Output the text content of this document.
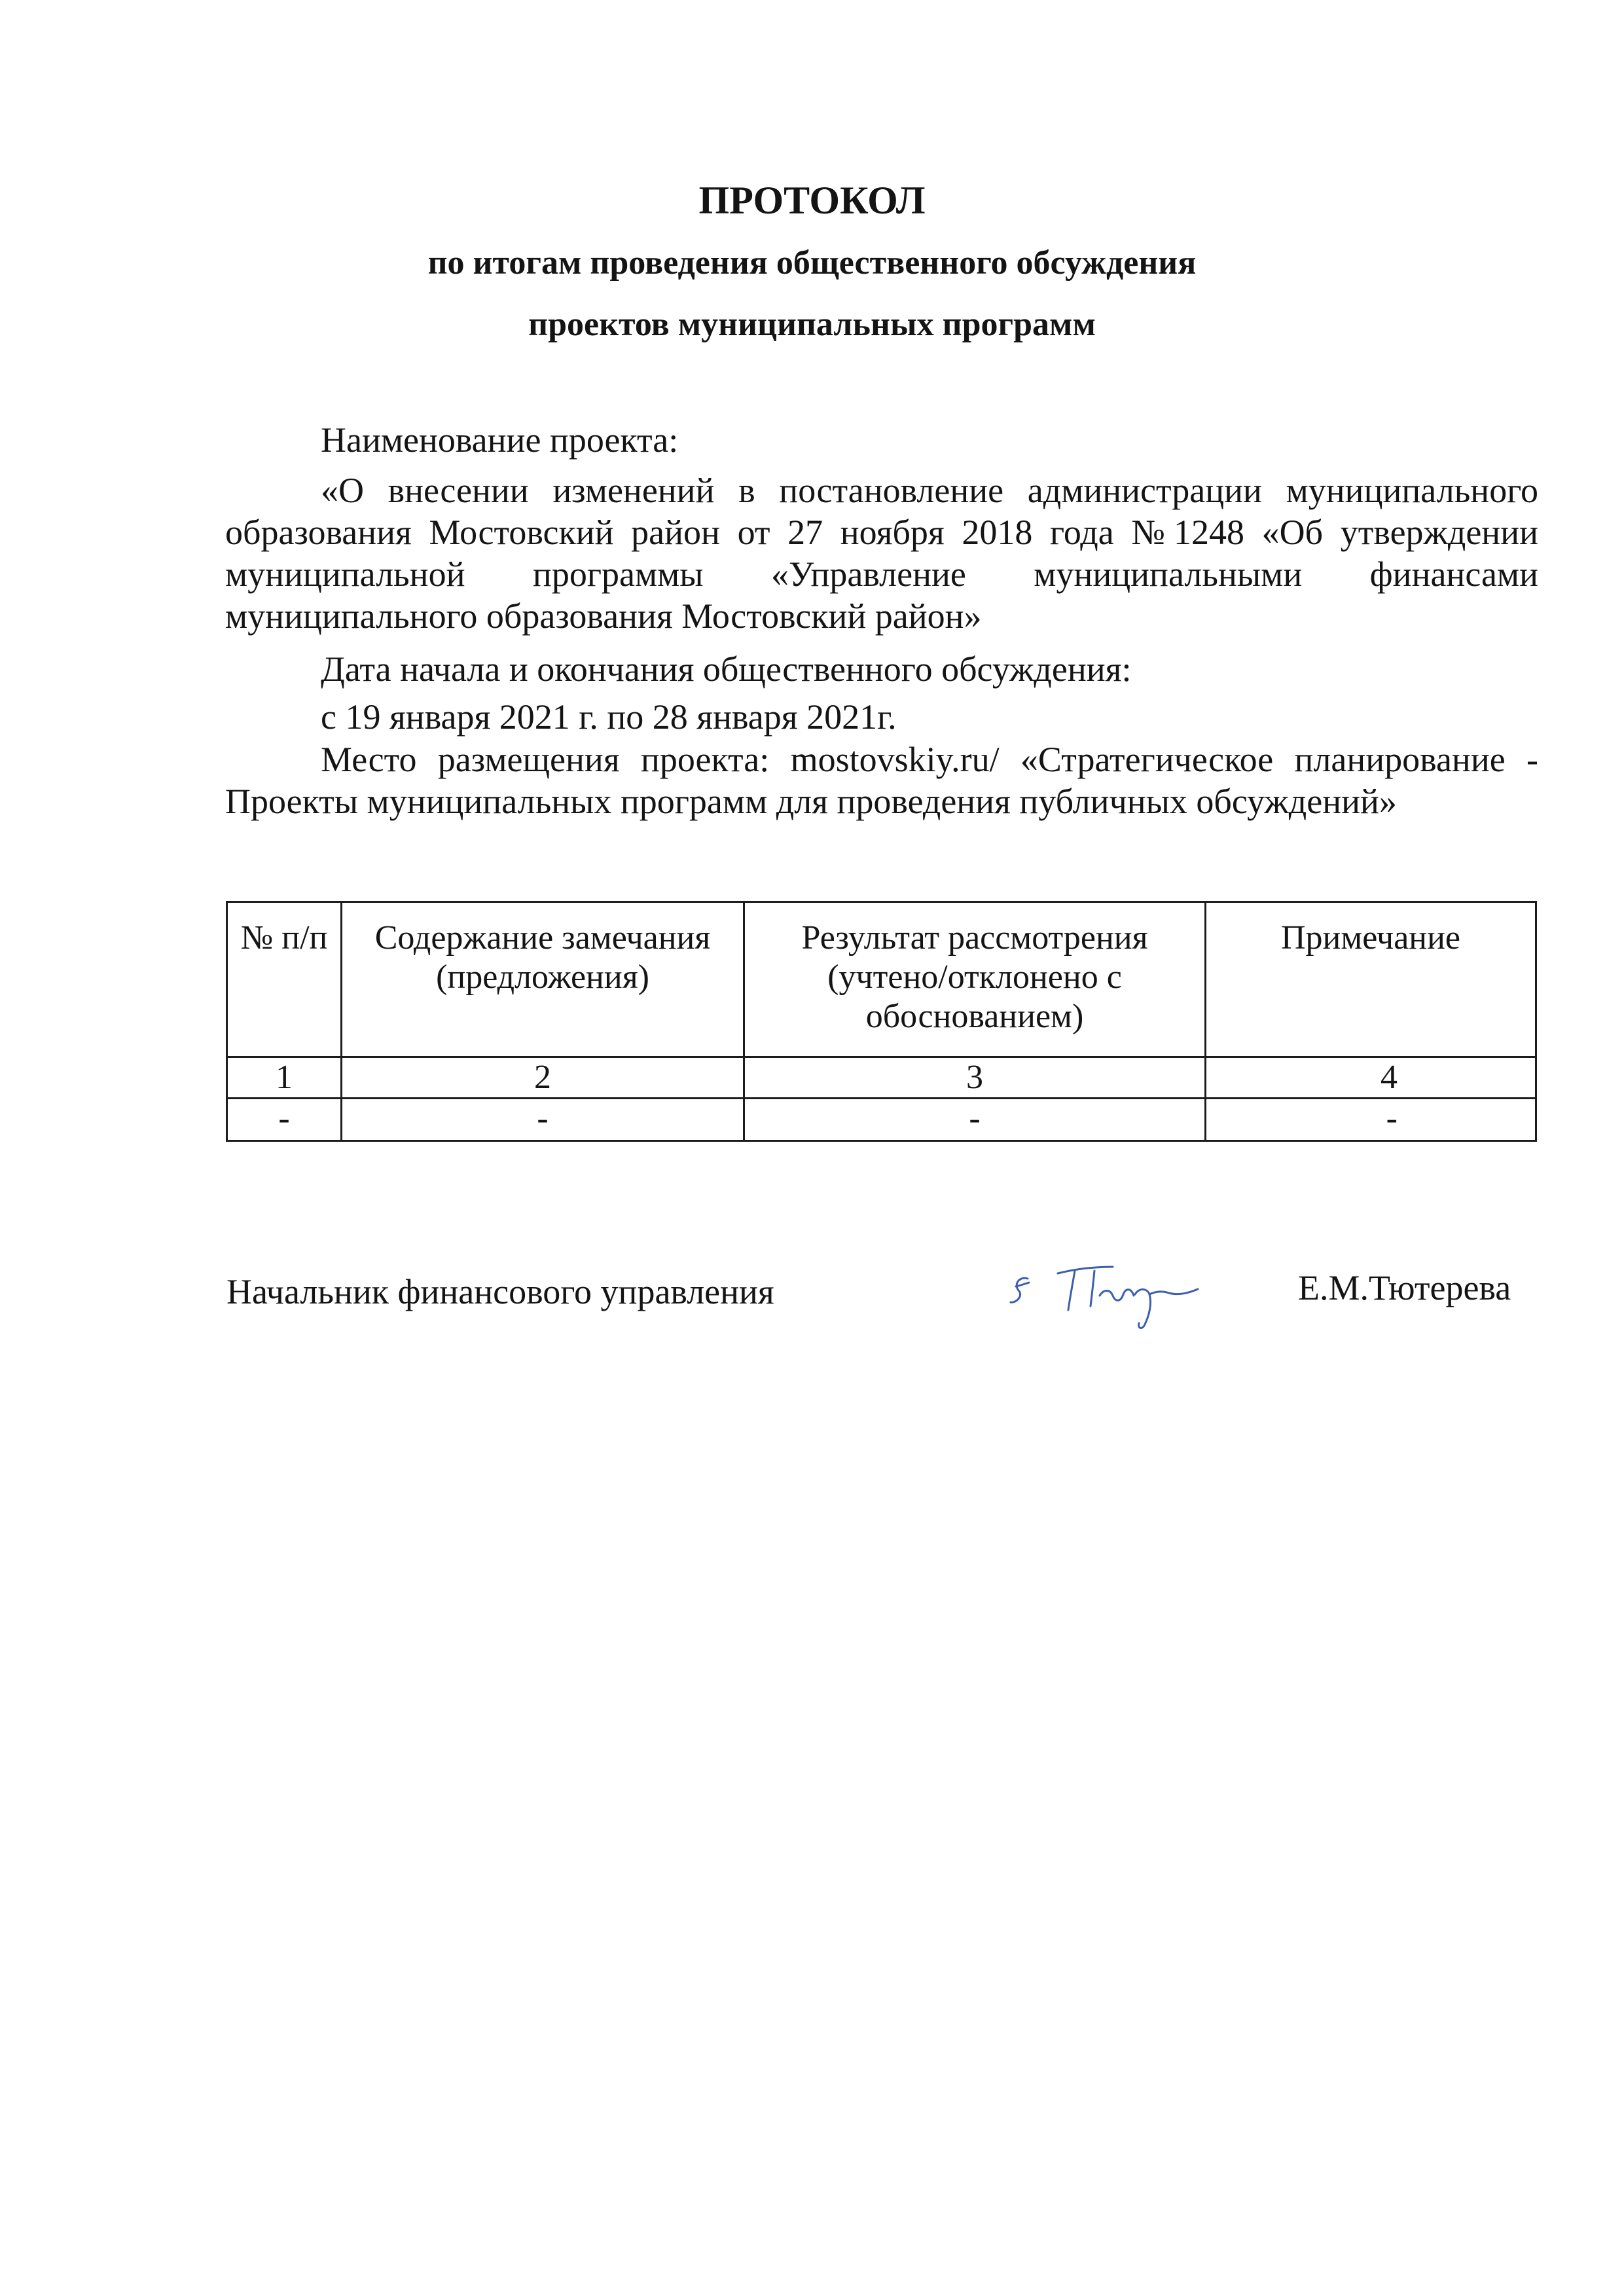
ПРОТОКОЛ
по итогам проведения общественного обсуждения
проектов муниципальных программ
Наименование проекта:
«О внесении изменений в постановление администрации муниципального образования Мостовский район от 27 ноября 2018 года №1248 «Об утверждении муниципальной программы «Управление муниципальными финансами муниципального образования Мостовский район»
Дата начала и окончания общественного обсуждения:
с 19 января 2021 г. по 28 января 2021г.
Место размещения проекта: mostovskiy.ru/ «Стратегическое планирование - Проекты муниципальных программ для проведения публичных обсуждений»
№ п/п	Содержание замечания (предложения)	Результат рассмотрения (учтено/отклонено с обоснованием)	Примечание
1	2	3	4
-	-	-	-
Начальник финансового управления	Е.М.Тютерева
